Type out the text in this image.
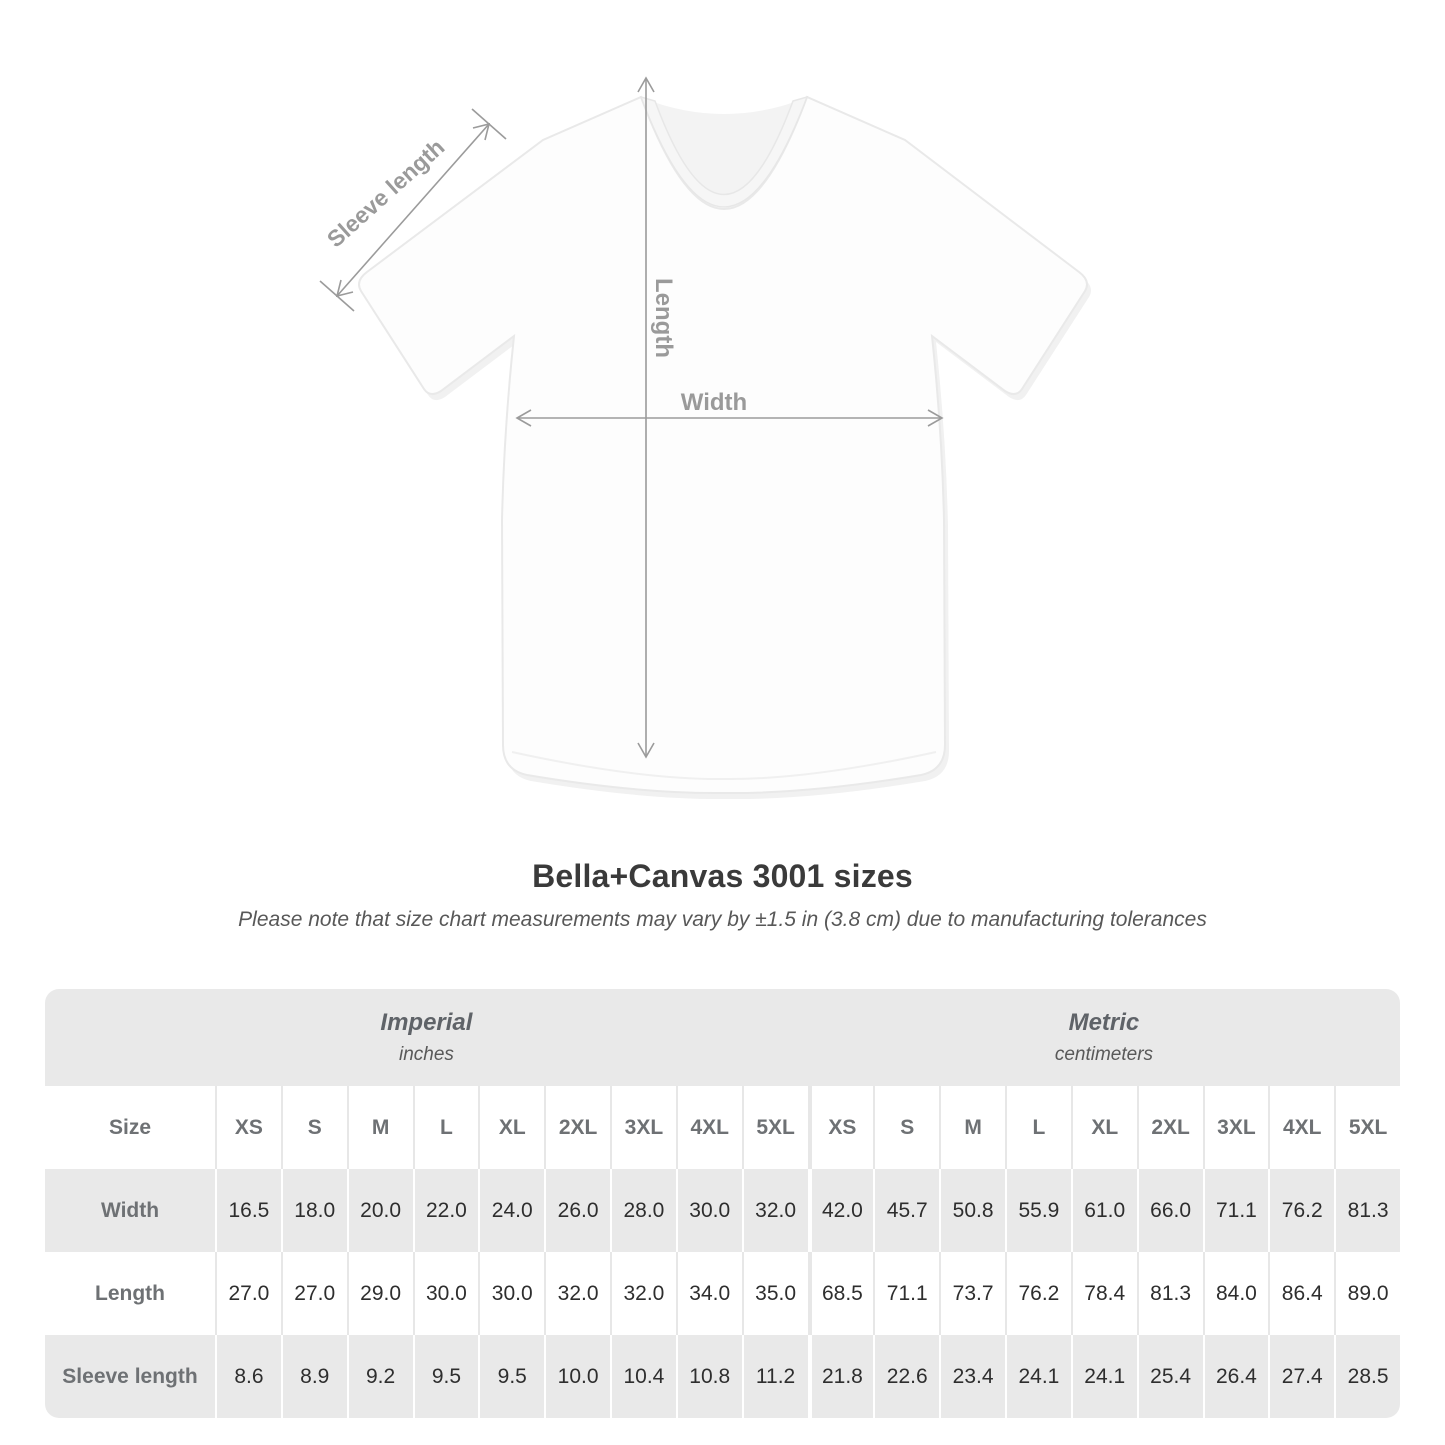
Sleeve length
Length
Width
Bella+Canvas 3001 sizes
Please note that size chart measurements may vary by ±1.5 in (3.8 cm) due to manufacturing tolerances
Imperial
inches
Metric
centimeters
Size	XS S M L XL 2XL 3XL 4XL 5XL XS S M L XL 2XL 3XL 4XL 5XL
Width	16.5 18.0 20.0 22.0 24.0 26.0 28.0 30.0 32.0 42.0 45.7 50.8 55.9 61.0 66.0 71.1 76.2 81.3
Length	27.0 27.0 29.0 30.0 30.0 32.0 32.0 34.0 35.0 68.5 71.1 73.7 76.2 78.4 81.3 84.0 86.4 89.0
Sleeve length 8.6 8.9 9.2 9.5 9.5 10.0 10.4 10.8 11.2 21.8 22.6 23.4 24.1 24.1 25.4 26.4 27.4 28.5
